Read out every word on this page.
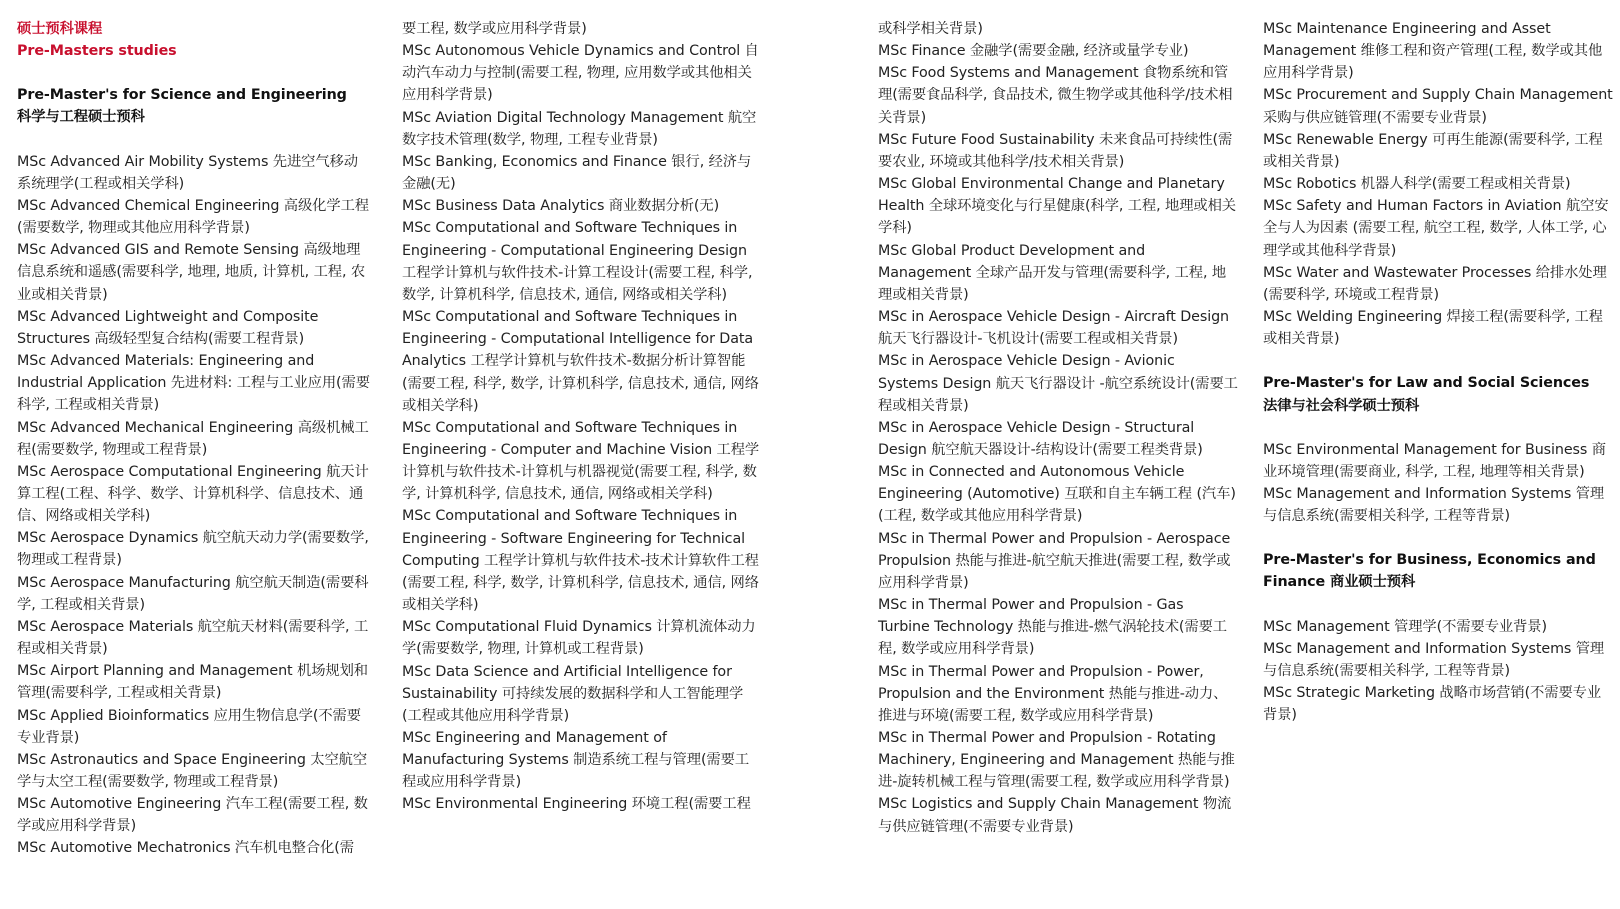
硕士预科课程

Pre-Masters studies

Pre-Master's for Science and Engineering

科学与工程硕士预科

MSc Advanced Air Mobility Systems 先进空气移动系统理学(工程或相关学科)

MSc Advanced Chemical Engineering 高级化学工程(需要数学, 物理或其他应用科学背景)

MSc Advanced GIS and Remote Sensing 高级地理信息系统和遥感(需要科学, 地理, 地质, 计算机, 工程, 农业或相关背景)

MSc Advanced Lightweight and Composite Structures 高级轻型复合结构(需要工程背景)

MSc Advanced Materials: Engineering and Industrial Application 先进材料: 工程与工业应用(需要科学, 工程或相关背景)

MSc Advanced Mechanical Engineering 高级机械工程(需要数学, 物理或工程背景)

MSc Aerospace Computational Engineering 航天计算工程(工程、科学、数学、计算机科学、信息技术、通信、网络或相关学科)

MSc Aerospace Dynamics 航空航天动力学(需要数学, 物理或工程背景)

MSc Aerospace Manufacturing 航空航天制造(需要科学, 工程或相关背景)

MSc Aerospace Materials 航空航天材料(需要科学, 工程或相关背景)

MSc Airport Planning and Management 机场规划和管理(需要科学, 工程或相关背景)

MSc Applied Bioinformatics 应用生物信息学(不需要专业背景)

MSc Astronautics and Space Engineering 太空航空学与太空工程(需要数学, 物理或工程背景)

MSc Automotive Engineering 汽车工程(需要工程, 数学或应用科学背景)

MSc Automotive Mechatronics 汽车机电整合化(需

要工程, 数学或应用科学背景)

MSc Autonomous Vehicle Dynamics and Control 自动汽车动力与控制(需要工程, 物理, 应用数学或其他相关应用科学背景)

MSc Aviation Digital Technology Management 航空数字技术管理(数学, 物理, 工程专业背景)

MSc Banking, Economics and Finance 银行, 经济与金融(无)

MSc Business Data Analytics 商业数据分析(无)

MSc Computational and Software Techniques in Engineering - Computational Engineering Design 工程学计算机与软件技术-计算工程设计(需要工程, 科学, 数学, 计算机科学, 信息技术, 通信, 网络或相关学科)

MSc Computational and Software Techniques in Engineering - Computational Intelligence for Data Analytics 工程学计算机与软件技术-数据分析计算智能(需要工程, 科学, 数学, 计算机科学, 信息技术, 通信, 网络或相关学科)

MSc Computational and Software Techniques in Engineering - Computer and Machine Vision 工程学计算机与软件技术-计算机与机器视觉(需要工程, 科学, 数学, 计算机科学, 信息技术, 通信, 网络或相关学科)

MSc Computational and Software Techniques in Engineering - Software Engineering for Technical Computing 工程学计算机与软件技术-技术计算软件工程(需要工程, 科学, 数学, 计算机科学, 信息技术, 通信, 网络或相关学科)

MSc Computational Fluid Dynamics 计算机流体动力学(需要数学, 物理, 计算机或工程背景)

MSc Data Science and Artificial Intelligence for Sustainability 可持续发展的数据科学和人工智能理学(工程或其他应用科学背景)

MSc Engineering and Management of Manufacturing Systems 制造系统工程与管理(需要工程或应用科学背景)

MSc Environmental Engineering 环境工程(需要工程

或科学相关背景)

MSc Finance 金融学(需要金融, 经济或量学专业)

MSc Food Systems and Management 食物系统和管理(需要食品科学, 食品技术, 微生物学或其他科学/技术相关背景)

MSc Future Food Sustainability 未来食品可持续性(需要农业, 环境或其他科学/技术相关背景)

MSc Global Environmental Change and Planetary Health 全球环境变化与行星健康(科学, 工程, 地理或相关学科)

MSc Global Product Development and Management 全球产品开发与管理(需要科学, 工程, 地理或相关背景)

MSc in Aerospace Vehicle Design - Aircraft Design 航天飞行器设计-飞机设计(需要工程或相关背景)

MSc in Aerospace Vehicle Design - Avionic Systems Design 航天飞行器设计 -航空系统设计(需要工程或相关背景)

MSc in Aerospace Vehicle Design - Structural Design 航空航天器设计-结构设计(需要工程类背景)

MSc in Connected and Autonomous Vehicle Engineering (Automotive) 互联和自主车辆工程 (汽车) (工程, 数学或其他应用科学背景)

MSc in Thermal Power and Propulsion - Aerospace Propulsion 热能与推进-航空航天推进(需要工程, 数学或应用科学背景)

MSc in Thermal Power and Propulsion - Gas Turbine Technology 热能与推进-燃气涡轮技术(需要工程, 数学或应用科学背景)

MSc in Thermal Power and Propulsion - Power, Propulsion and the Environment 热能与推进-动力、推进与环境(需要工程, 数学或应用科学背景)

MSc in Thermal Power and Propulsion - Rotating Machinery, Engineering and Management 热能与推进-旋转机械工程与管理(需要工程, 数学或应用科学背景)

MSc Logistics and Supply Chain Management 物流与供应链管理(不需要专业背景)

MSc Maintenance Engineering and Asset Management 维修工程和资产管理(工程, 数学或其他应用科学背景)

MSc Procurement and Supply Chain Management 采购与供应链管理(不需要专业背景)

MSc Renewable Energy 可再生能源(需要科学, 工程或相关背景)

MSc Robotics 机器人科学(需要工程或相关背景)

MSc Safety and Human Factors in Aviation 航空安全与人为因素 (需要工程, 航空工程, 数学, 人体工学, 心理学或其他科学背景)

MSc Water and Wastewater Processes 给排水处理(需要科学, 环境或工程背景)

MSc Welding Engineering 焊接工程(需要科学, 工程或相关背景)

Pre-Master's for Law and Social Sciences

法律与社会科学硕士预科

MSc Environmental Management for Business 商业环境管理(需要商业, 科学, 工程, 地理等相关背景)

MSc Management and Information Systems 管理与信息系统(需要相关科学, 工程等背景)

Pre-Master's for Business, Economics and

Finance 商业硕士预科

MSc Management 管理学(不需要专业背景)

MSc Management and Information Systems 管理与信息系统(需要相关科学, 工程等背景)

MSc Strategic Marketing 战略市场营销(不需要专业背景)
